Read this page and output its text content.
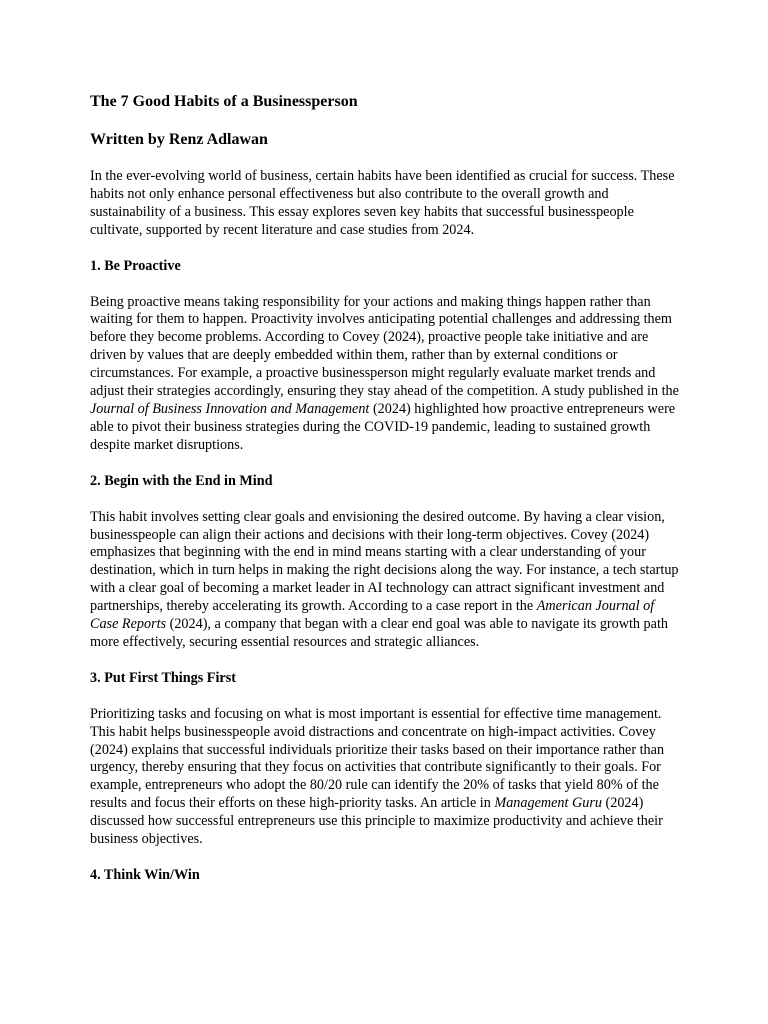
The 7 Good Habits of a Businessperson

Written by Renz Adlawan

In the ever-evolving world of business, certain habits have been identified as crucial for success. These habits not only enhance personal effectiveness but also contribute to the overall growth and sustainability of a business. This essay explores seven key habits that successful businesspeople cultivate, supported by recent literature and case studies from 2024.

1. Be Proactive

Being proactive means taking responsibility for your actions and making things happen rather than waiting for them to happen. Proactivity involves anticipating potential challenges and addressing them before they become problems. According to Covey (2024), proactive people take initiative and are driven by values that are deeply embedded within them, rather than by external conditions or circumstances. For example, a proactive businessperson might regularly evaluate market trends and adjust their strategies accordingly, ensuring they stay ahead of the competition. A study published in the Journal of Business Innovation and Management (2024) highlighted how proactive entrepreneurs were able to pivot their business strategies during the COVID-19 pandemic, leading to sustained growth despite market disruptions.

2. Begin with the End in Mind

This habit involves setting clear goals and envisioning the desired outcome. By having a clear vision, businesspeople can align their actions and decisions with their long-term objectives. Covey (2024) emphasizes that beginning with the end in mind means starting with a clear understanding of your destination, which in turn helps in making the right decisions along the way. For instance, a tech startup with a clear goal of becoming a market leader in AI technology can attract significant investment and partnerships, thereby accelerating its growth. According to a case report in the American Journal of Case Reports (2024), a company that began with a clear end goal was able to navigate its growth path more effectively, securing essential resources and strategic alliances.

3. Put First Things First

Prioritizing tasks and focusing on what is most important is essential for effective time management. This habit helps businesspeople avoid distractions and concentrate on high-impact activities. Covey (2024) explains that successful individuals prioritize their tasks based on their importance rather than urgency, thereby ensuring that they focus on activities that contribute significantly to their goals. For example, entrepreneurs who adopt the 80/20 rule can identify the 20% of tasks that yield 80% of the results and focus their efforts on these high-priority tasks. An article in Management Guru (2024) discussed how successful entrepreneurs use this principle to maximize productivity and achieve their business objectives.

4. Think Win/Win
